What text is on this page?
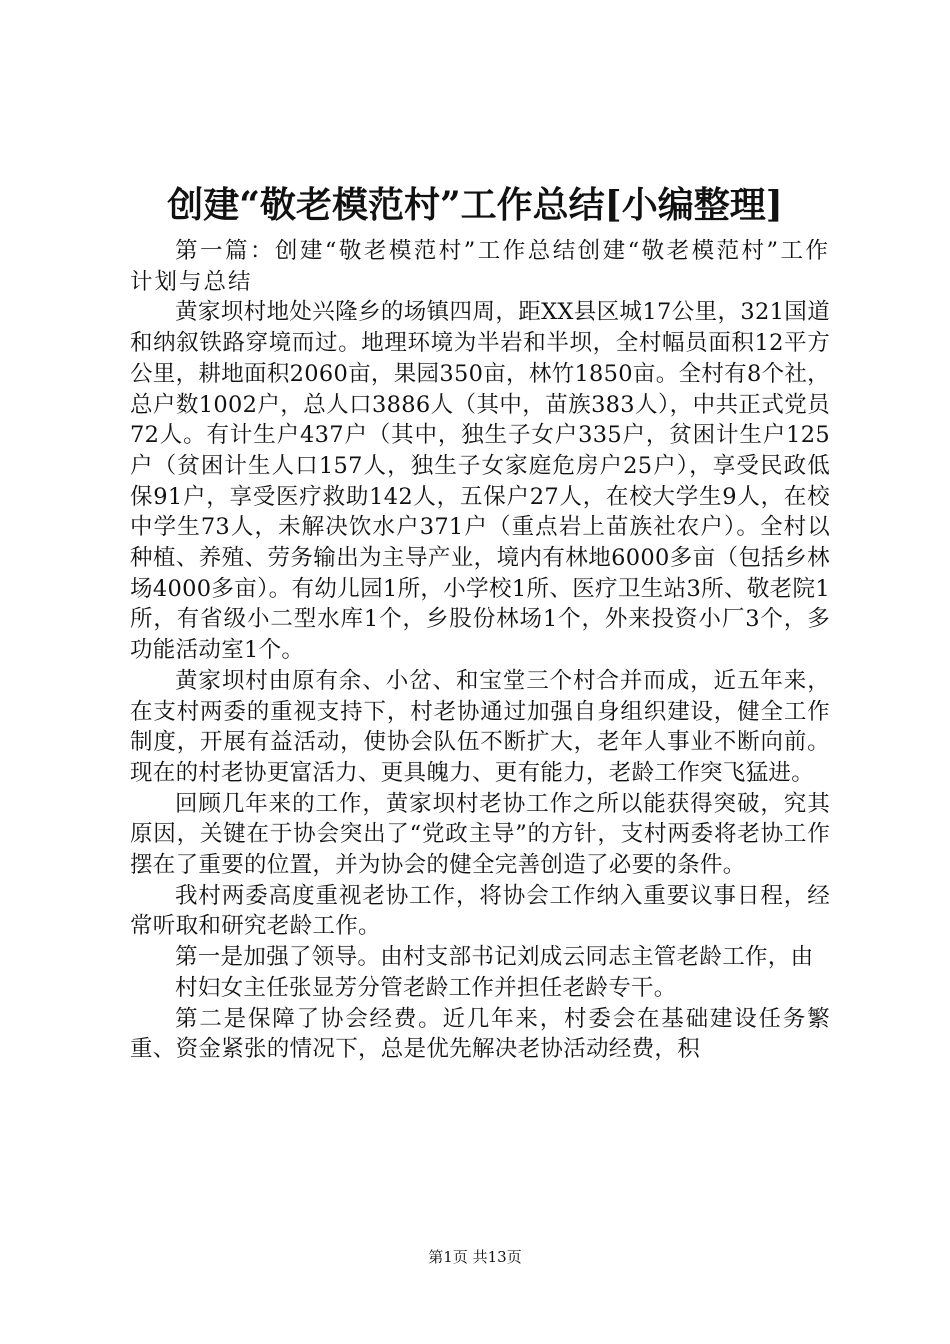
创建“敬老模范村”工作总结[小编整理]

第一篇：创建“敬老模范村”工作总结创建“敬老模范村”工作计划与总结

黄家坝村地处兴隆乡的场镇四周，距XX县区城17公里，321国道和纳叙铁路穿境而过。地理环境为半岩和半坝，全村幅员面积12平方公里，耕地面积2060亩，果园350亩，林竹1850亩。全村有8个社，总户数1002户，总人口3886人（其中，苗族383人），中共正式党员72人。有计生户437户（其中，独生子女户335户，贫困计生户125户（贫困计生人口157人，独生子女家庭危房户25户），享受民政低保91户，享受医疗救助142人，五保户27人，在校大学生9人，在校中学生73人，未解决饮水户371户（重点岩上苗族社农户）。全村以种植、养殖、劳务输出为主导产业，境内有林地6000多亩（包括乡林场4000多亩）。有幼儿园1所，小学校1所、医疗卫生站3所、敬老院1所，有省级小二型水库1个，乡股份林场1个，外来投资小厂3个，多功能活动室1个。

黄家坝村由原有余、小岔、和宝堂三个村合并而成，近五年来，在支村两委的重视支持下，村老协通过加强自身组织建设，健全工作制度，开展有益活动，使协会队伍不断扩大，老年人事业不断向前。现在的村老协更富活力、更具魄力、更有能力，老龄工作突飞猛进。

回顾几年来的工作，黄家坝村老协工作之所以能获得突破，究其原因，关键在于协会突出了“党政主导”的方针，支村两委将老协工作摆在了重要的位置，并为协会的健全完善创造了必要的条件。

我村两委高度重视老协工作，将协会工作纳入重要议事日程，经常听取和研究老龄工作。

第一是加强了领导。由村支部书记刘成云同志主管老龄工作，由

村妇女主任张显芳分管老龄工作并担任老龄专干。

第二是保障了协会经费。近几年来，村委会在基础建设任务繁重、资金紧张的情况下，总是优先解决老协活动经费，积

第1页 共13页
